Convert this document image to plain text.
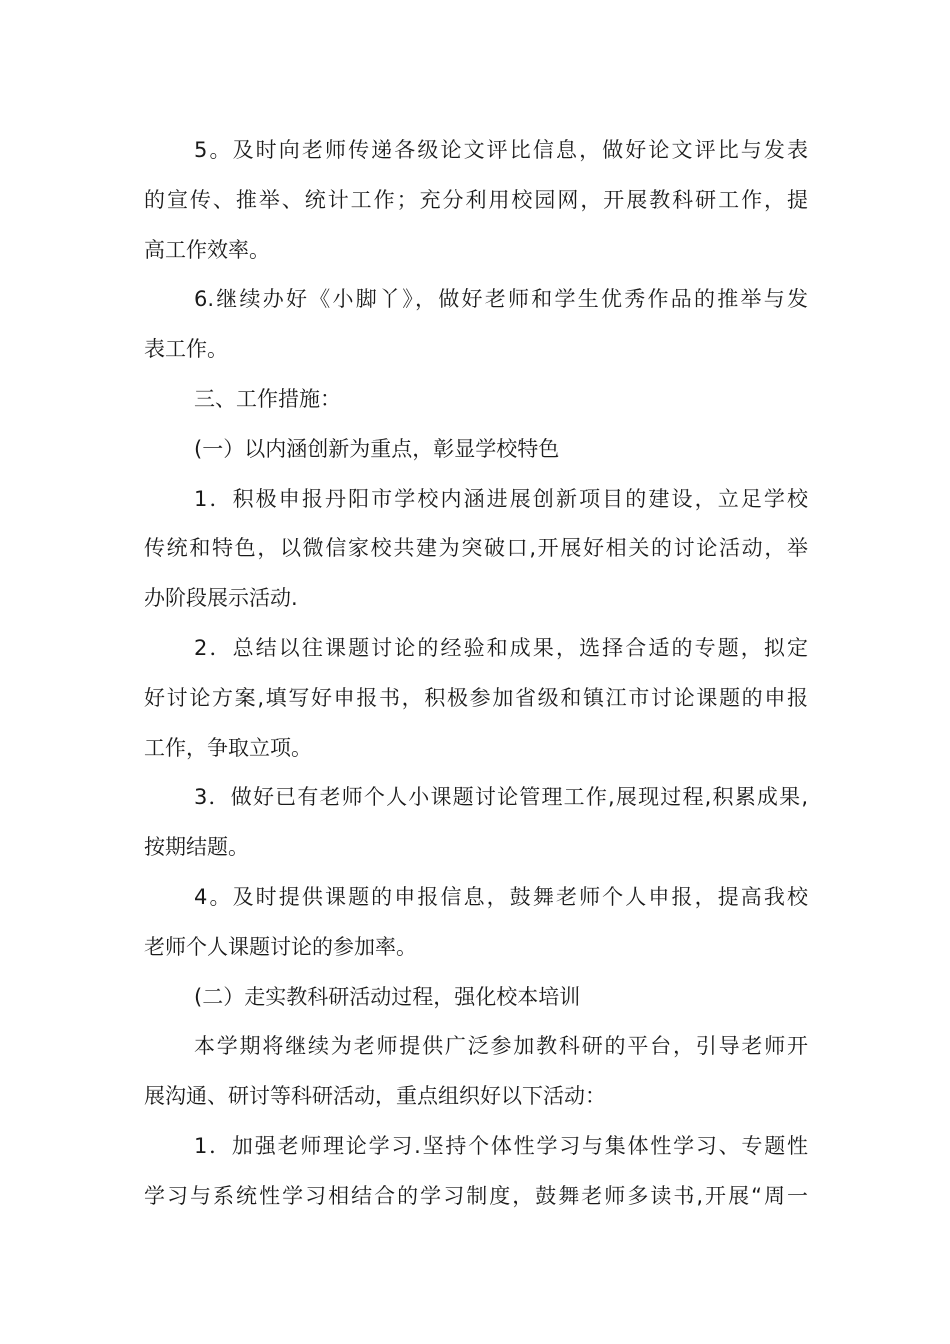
5。及时向老师传递各级论文评比信息，做好论文评比与发表
的宣传、推举、统计工作；充分利用校园网，开展教科研工作，提
高工作效率。
6.继续办好《小脚丫》，做好老师和学生优秀作品的推举与发
表工作。
三、工作措施：
(一）以内涵创新为重点，彰显学校特色
1．积极申报丹阳市学校内涵进展创新项目的建设，立足学校
传统和特色，以微信家校共建为突破口,开展好相关的讨论活动，举
办阶段展示活动.
2．总结以往课题讨论的经验和成果，选择合适的专题，拟定
好讨论方案,填写好申报书，积极参加省级和镇江市讨论课题的申报
工作，争取立项。
3．做好已有老师个人小课题讨论管理工作,展现过程,积累成果,
按期结题。
4。及时提供课题的申报信息，鼓舞老师个人申报，提高我校
老师个人课题讨论的参加率。
(二）走实教科研活动过程，强化校本培训
本学期将继续为老师提供广泛参加教科研的平台，引导老师开
展沟通、研讨等科研活动，重点组织好以下活动：
1．加强老师理论学习.坚持个体性学习与集体性学习、专题性
学习与系统性学习相结合的学习制度，鼓舞老师多读书,开展“周一
